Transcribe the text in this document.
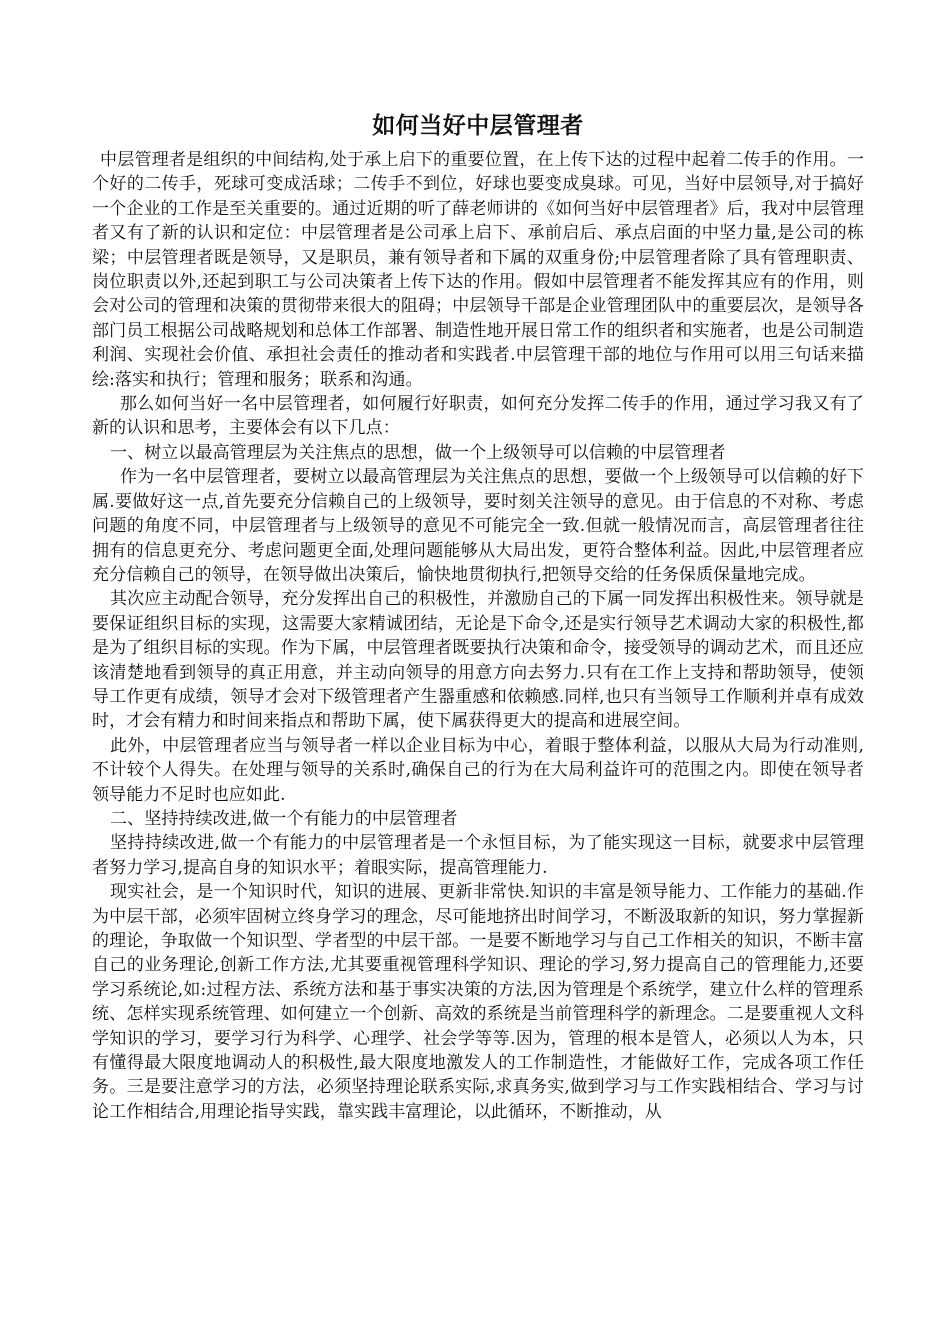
如何当好中层管理者

中层管理者是组织的中间结构,处于承上启下的重要位置，在上传下达的过程中起着二传手的作用。一个好的二传手，死球可变成活球；二传手不到位，好球也要变成臭球。可见，当好中层领导,对于搞好一个企业的工作是至关重要的。通过近期的听了薛老师讲的《如何当好中层管理者》后，我对中层管理者又有了新的认识和定位：中层管理者是公司承上启下、承前启后、承点启面的中坚力量,是公司的栋梁；中层管理者既是领导，又是职员，兼有领导者和下属的双重身份;中层管理者除了具有管理职责、岗位职责以外,还起到职工与公司决策者上传下达的作用。假如中层管理者不能发挥其应有的作用，则会对公司的管理和决策的贯彻带来很大的阻碍；中层领导干部是企业管理团队中的重要层次，是领导各部门员工根据公司战略规划和总体工作部署、制造性地开展日常工作的组织者和实施者，也是公司制造利润、实现社会价值、承担社会责任的推动者和实践者.中层管理干部的地位与作用可以用三句话来描绘:落实和执行；管理和服务；联系和沟通。

那么如何当好一名中层管理者，如何履行好职责，如何充分发挥二传手的作用，通过学习我又有了新的认识和思考，主要体会有以下几点：

一、树立以最高管理层为关注焦点的思想，做一个上级领导可以信赖的中层管理者

作为一名中层管理者，要树立以最高管理层为关注焦点的思想，要做一个上级领导可以信赖的好下属.要做好这一点,首先要充分信赖自己的上级领导，要时刻关注领导的意见。由于信息的不对称、考虑问题的角度不同，中层管理者与上级领导的意见不可能完全一致.但就一般情况而言，高层管理者往往拥有的信息更充分、考虑问题更全面,处理问题能够从大局出发，更符合整体利益。因此,中层管理者应充分信赖自己的领导，在领导做出决策后，愉快地贯彻执行,把领导交给的任务保质保量地完成。

其次应主动配合领导，充分发挥出自己的积极性，并激励自己的下属一同发挥出积极性来。领导就是要保证组织目标的实现，这需要大家精诚团结，无论是下命令,还是实行领导艺术调动大家的积极性,都是为了组织目标的实现。作为下属，中层管理者既要执行决策和命令，接受领导的调动艺术，而且还应该清楚地看到领导的真正用意，并主动向领导的用意方向去努力.只有在工作上支持和帮助领导，使领导工作更有成绩，领导才会对下级管理者产生器重感和依赖感.同样,也只有当领导工作顺利并卓有成效时，才会有精力和时间来指点和帮助下属，使下属获得更大的提高和进展空间。

此外，中层管理者应当与领导者一样以企业目标为中心，着眼于整体利益，以服从大局为行动准则,不计较个人得失。在处理与领导的关系时,确保自己的行为在大局利益许可的范围之内。即使在领导者领导能力不足时也应如此.

二、坚持持续改进,做一个有能力的中层管理者

坚持持续改进,做一个有能力的中层管理者是一个永恒目标，为了能实现这一目标，就要求中层管理者努力学习,提高自身的知识水平；着眼实际，提高管理能力.

现实社会，是一个知识时代，知识的进展、更新非常快.知识的丰富是领导能力、工作能力的基础.作为中层干部，必须牢固树立终身学习的理念，尽可能地挤出时间学习，不断汲取新的知识，努力掌握新的理论，争取做一个知识型、学者型的中层干部。一是要不断地学习与自己工作相关的知识，不断丰富自己的业务理论,创新工作方法,尤其要重视管理科学知识、理论的学习,努力提高自己的管理能力,还要学习系统论,如:过程方法、系统方法和基于事实决策的方法,因为管理是个系统学，建立什么样的管理系统、怎样实现系统管理、如何建立一个创新、高效的系统是当前管理科学的新理念。二是要重视人文科学知识的学习，要学习行为科学、心理学、社会学等等.因为，管理的根本是管人，必须以人为本，只有懂得最大限度地调动人的积极性,最大限度地激发人的工作制造性，才能做好工作，完成各项工作任务。三是要注意学习的方法，必须坚持理论联系实际,求真务实,做到学习与工作实践相结合、学习与讨论工作相结合,用理论指导实践，靠实践丰富理论，以此循环，不断推动，从
